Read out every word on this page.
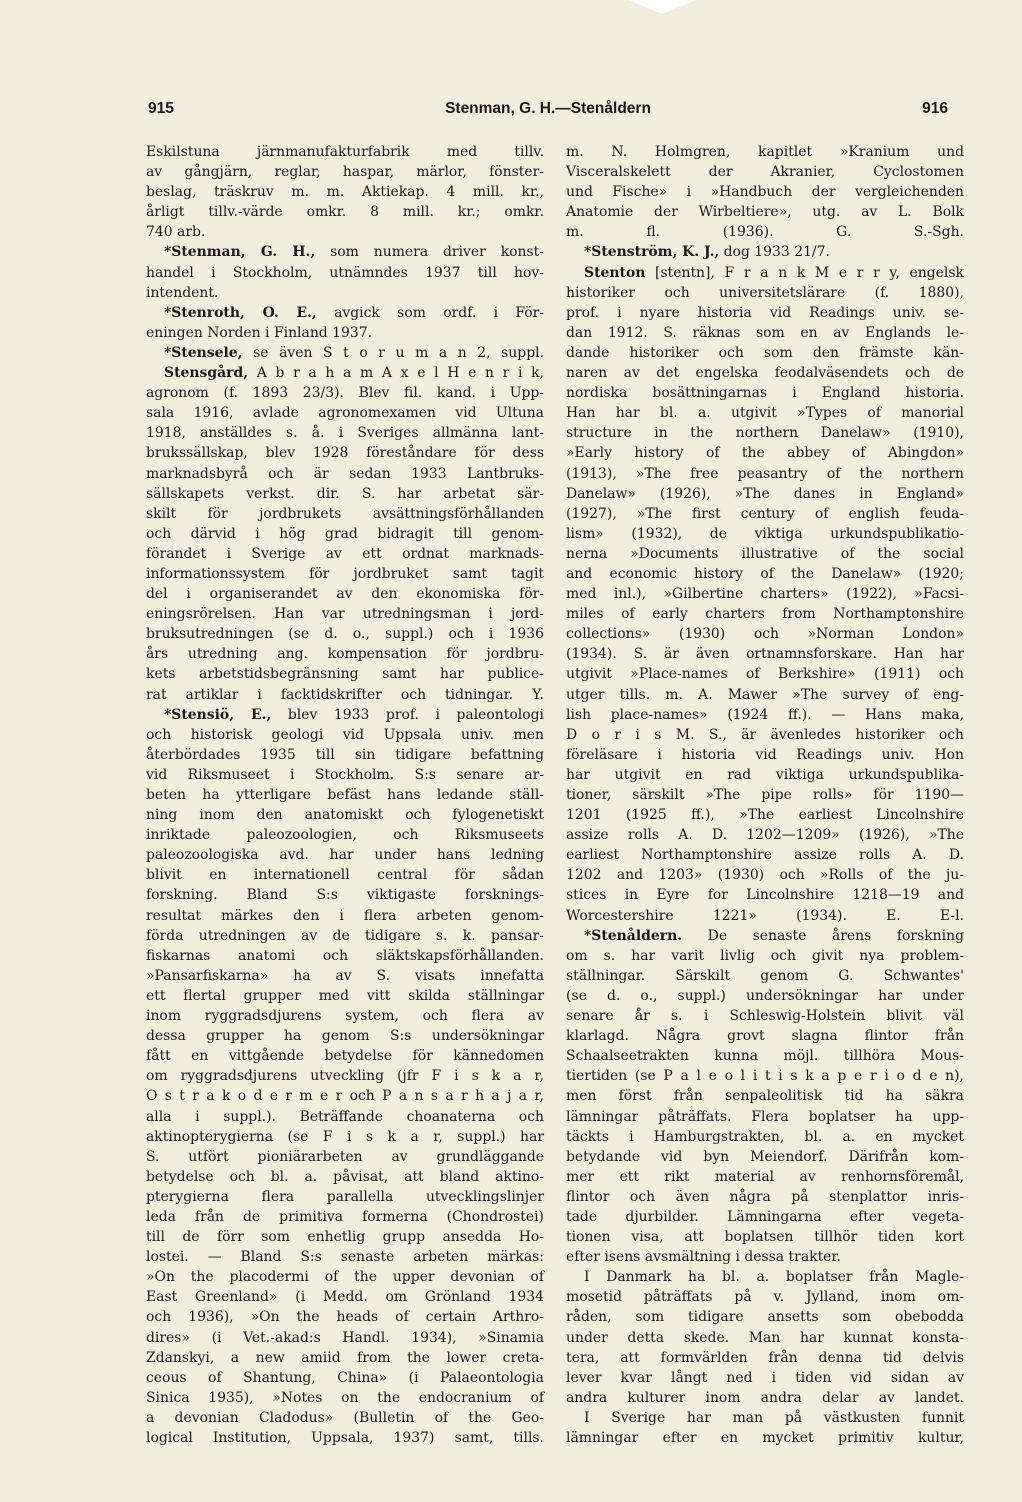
915	Stenman, G. H.—Stenåldern	916
Eskilstuna järnmanufakturfabrik med tillv.
av gångjärn, reglar, haspar, märlor, fönster-
beslag, träskruv m. m. Aktiekap. 4 mill. kr.,
årligt tillv.-värde omkr. 8 mill. kr.; omkr.
740 arb.
*Stenman, G. H., som numera driver konst-
handel i Stockholm, utnämndes 1937 till hov-
intendent.
*Stenroth, O. E., avgick som ordf. i För-
eningen Norden i Finland 1937.
*Stensele, se även S t o r u m a n 2, suppl.
Stensgård, A b r a h a m A x e l H e n r i k,
agronom (f. 1893 23/3). Blev fil. kand. i Upp-
sala 1916, avlade agronomexamen vid Ultuna
1918, anställdes s. å. i Sveriges allmänna lant-
brukssällskap, blev 1928 föreståndare för dess
marknadsbyrå och är sedan 1933 Lantbruks-
sällskapets verkst. dir. S. har arbetat sär-
skilt för jordbrukets avsättningsförhållanden
och därvid i hög grad bidragit till genom-
förandet i Sverige av ett ordnat marknads-
informationssystem för jordbruket samt tagit
del i organiserandet av den ekonomiska för-
eningsrörelsen. Han var utredningsman i jord-
bruksutredningen (se d. o., suppl.) och i 1936
års utredning ang. kompensation för jordbru-
kets arbetstidsbegränsning samt har publice-
rat artiklar i facktidskrifter och tidningar. Y.
*Stensiö, E., blev 1933 prof. i paleontologi
och historisk geologi vid Uppsala univ. men
återbördades 1935 till sin tidigare befattning
vid Riksmuseet i Stockholm. S:s senare ar-
beten ha ytterligare befäst hans ledande ställ-
ning inom den anatomiskt och fylogenetiskt
inriktade paleozoologien, och Riksmuseets
paleozoologiska avd. har under hans ledning
blivit en internationell central för sådan
forskning. Bland S:s viktigaste forsknings-
resultat märkes den i flera arbeten genom-
förda utredningen av de tidigare s. k. pansar-
fiskarnas anatomi och släktskapsförhållanden.
»Pansarfiskarna» ha av S. visats innefatta
ett flertal grupper med vitt skilda ställningar
inom ryggradsdjurens system, och flera av
dessa grupper ha genom S:s undersökningar
fått en vittgående betydelse för kännedomen
om ryggradsdjurens utveckling (jfr F i s k a r,
O s t r a k o d e r m e r och P a n s a r h a j a r,
alla i suppl.). Beträffande choanaterna och
aktinopterygierna (se F i s k a r, suppl.) har
S. utfört pioniärarbeten av grundläggande
betydelse och bl. a. påvisat, att bland aktino-
pterygierna flera parallella utvecklingslinjer
leda från de primitiva formerna (Chondrostei)
till de förr som enhetlig grupp ansedda Ho-
lostei. — Bland S:s senaste arbeten märkas:
»On the placodermi of the upper devonian of
East Greenland» (i Medd. om Grönland 1934
och 1936), »On the heads of certain Arthro-
dires» (i Vet.-akad:s Handl. 1934), »Sinamia
Zdanskyi, a new amiid from the lower creta-
ceous of Shantung, China» (i Palaeontologia
Sinica 1935), »Notes on the endocranium of
a devonian Cladodus» (Bulletin of the Geo-
logical Institution, Uppsala, 1937) samt, tills.
m. N. Holmgren, kapitlet »Kranium und
Visceralskelett der Akranier, Cyclostomen
und Fische» i »Handbuch der vergleichenden
Anatomie der Wirbeltiere», utg. av L. Bolk
m. fl. (1936). G. S.-Sgh.
*Stenström, K. J., dog 1933 21/7.
Stenton [stentn], F r a n k M e r r y, engelsk
historiker och universitetslärare (f. 1880),
prof. i nyare historia vid Readings univ. se-
dan 1912. S. räknas som en av Englands le-
dande historiker och som den främste kän-
naren av det engelska feodalväsendets och de
nordiska bosättningarnas i England historia.
Han har bl. a. utgivit »Types of manorial
structure in the northern Danelaw» (1910),
»Early history of the abbey of Abingdon»
(1913), »The free peasantry of the northern
Danelaw» (1926), »The danes in England»
(1927), »The first century of english feuda-
lism» (1932), de viktiga urkundspublikatio-
nerna »Documents illustrative of the social
and economic history of the Danelaw» (1920;
med inl.), »Gilbertine charters» (1922), »Facsi-
miles of early charters from Northamptonshire
collections» (1930) och »Norman London»
(1934). S. är även ortnamnsforskare. Han har
utgivit »Place-names of Berkshire» (1911) och
utger tills. m. A. Mawer »The survey of eng-
lish place-names» (1924 ff.). — Hans maka,
D o r i s M. S., är ävenledes historiker och
föreläsare i historia vid Readings univ. Hon
har utgivit en rad viktiga urkundspublika-
tioner, särskilt »The pipe rolls» för 1190—
1201 (1925 ff.), »The earliest Lincolnshire
assize rolls A. D. 1202—1209» (1926), »The
earliest Northamptonshire assize rolls A. D.
1202 and 1203» (1930) och »Rolls of the ju-
stices in Eyre for Lincolnshire 1218—19 and
Worcestershire 1221» (1934). E. E-l.
*Stenåldern. De senaste årens forskning
om s. har varit livlig och givit nya problem-
ställningar. Särskilt genom G. Schwantes'
(se d. o., suppl.) undersökningar har under
senare år s. i Schleswig-Holstein blivit väl
klarlagd. Några grovt slagna flintor från
Schaalseetrakten kunna möjl. tillhöra Mous-
tiertiden (se P a l e o l i t i s k a p e r i o d e n),
men först från senpaleolitisk tid ha säkra
lämningar påträffats. Flera boplatser ha upp-
täckts i Hamburgstrakten, bl. a. en mycket
betydande vid byn Meiendorf. Därifrån kom-
mer ett rikt material av renhornsföremål,
flintor och även några på stenplattor inris-
tade djurbilder. Lämningarna efter vegeta-
tionen visa, att boplatsen tillhör tiden kort
efter isens avsmältning i dessa trakter.
I Danmark ha bl. a. boplatser från Magle-
mosetid påträffats på v. Jylland, inom om-
råden, som tidigare ansetts som obebodda
under detta skede. Man har kunnat konsta-
tera, att formvärlden från denna tid delvis
lever kvar långt ned i tiden vid sidan av
andra kulturer inom andra delar av landet.
I Sverige har man på västkusten funnit
lämningar efter en mycket primitiv kultur,
